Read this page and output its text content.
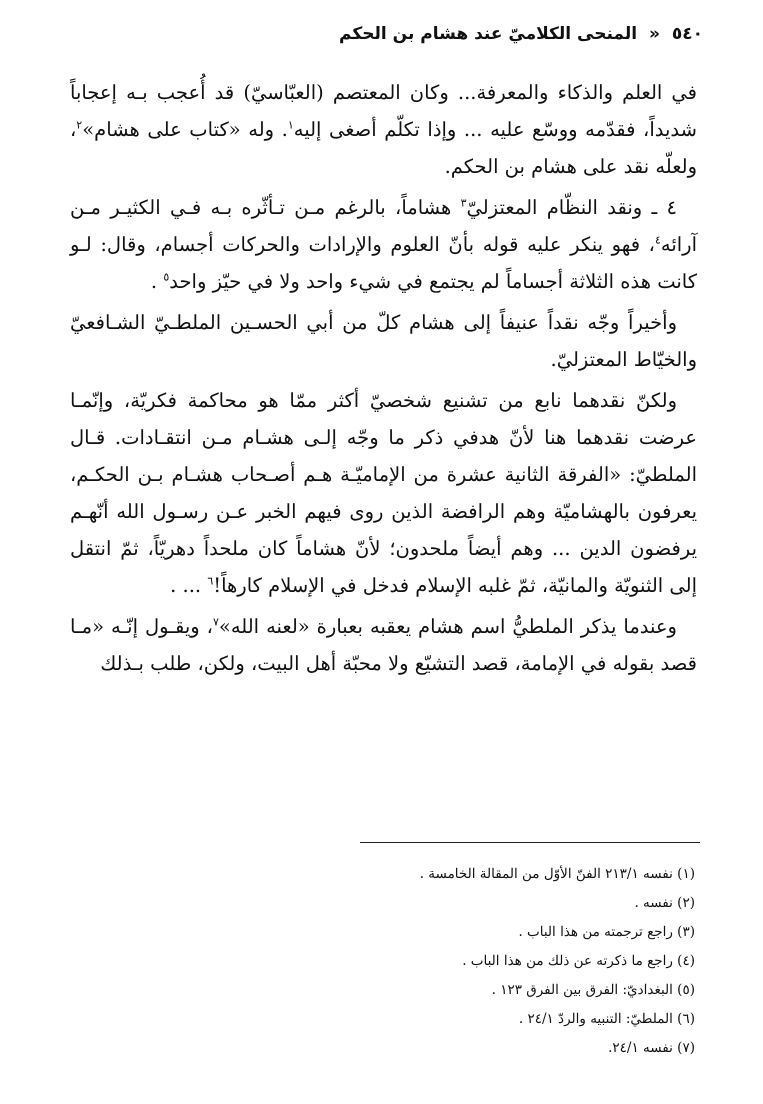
٥٤٠ « المنحى الكلاميّ عند هشام بن الحكم

في العلم والذكاء والمعرفة... وكان المعتصم (العبّاسيّ) قد أُعجب بـه إعجاباً شديداً، فقدّمه ووسّع عليه ... وإذا تكلّم أصغى إليه$^١$. وله «كتاب على هشام»$^٢$، ولعلّه نقد على هشام بن الحكم.

٤ ـ ونقد النظّام المعتزليّ$^٣$ هشاماً، بالرغم مـن تـأثّره بـه فـي الكثيـر مـن آرائه$^٤$، فهو ينكر عليه قوله بأنّ العلوم والإرادات والحركات أجسام، وقال: لـو كانت هذه الثلاثة أجساماً لم يجتمع في شيء واحد ولا في حيّز واحد$^٥$ .

وأخيراً وجّه نقداً عنيفاً إلى هشام كلّ من أبي الحسـين الملطـيّ الشـافعيّ والخيّاط المعتزليّ.

ولكنّ نقدهما نابع من تشنيع شخصيّ أكثر ممّا هو محاكمة فكريّة، وإنّمـا عرضت نقدهما هنا لأنّ هدفي ذكر ما وجّه إلـى هشـام مـن انتقـادات. قـال الملطيّ: «الفرقة الثانية عشرة من الإماميّـة هـم أصـحاب هشـام بـن الحكـم، يعرفون بالهشاميّة وهم الرافضة الذين روى فيهم الخبر عـن رسـول الله أنّهـم يرفضون الدين ... وهم أيضاً ملحدون؛ لأنّ هشاماً كان ملحداً دهريّاً، ثمّ انتقل إلى الثنويّة والمانيّة، ثمّ غلبه الإسلام فدخل في الإسلام كارهاً!$^٦$ ... .

وعندما يذكر الملطيُّ اسم هشام يعقبه بعبارة «لعنه الله»$^٧$، ويقـول إنّـه «مـا قصد بقوله في الإمامة، قصد التشيّع ولا محبّة أهل البيت، ولكن، طلب بـذلك

(١) نفسه ٢١٣/١ الفنّ الأوّل من المقالة الخامسة .

(٢) نفسه .

(٣) راجع ترجمته من هذا الباب .

(٤) راجع ما ذكرته عن ذلك من هذا الباب .

(٥) البغداديّ: الفرق بين الفرق ١٢٣ .

(٦) الملطيّ: التنبيه والردّ ٢٤/١ .

(٧) نفسه ٢٤/١.
